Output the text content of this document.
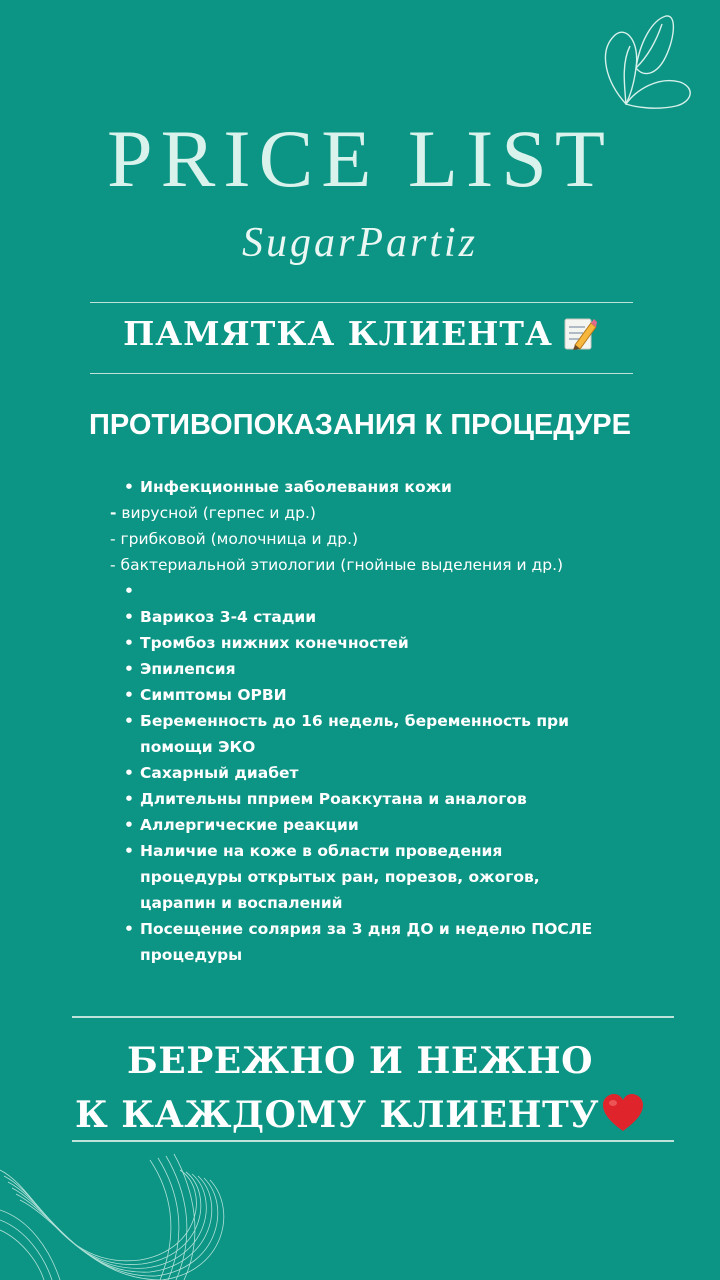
PRICE LIST
SugarPartiz
ПАМЯТКА КЛИЕНТА
ПРОТИВОПОКАЗАНИЯ К ПРОЦЕДУРЕ
• Инфекционные заболевания кожи
- вирусной (герпес и др.)
- грибковой (молочница и др.)
- бактериальной этиологии (гнойные выделения и др.)
•
• Варикоз 3-4 стадии
• Тромбоз нижних конечностей
• Эпилепсия
• Симптомы ОРВИ
• Беременность до 16 недель, беременность при помощи ЭКО
• Сахарный диабет
• Длительны пприем Роаккутана и аналогов
• Аллергические реакции
• Наличие на коже в области проведения процедуры открытых ран, порезов, ожогов, царапин и воспалений
• Посещение солярия за 3 дня ДО и неделю ПОСЛЕ процедуры
БЕРЕЖНО И НЕЖНО
К КАЖДОМУ КЛИЕНТУ
